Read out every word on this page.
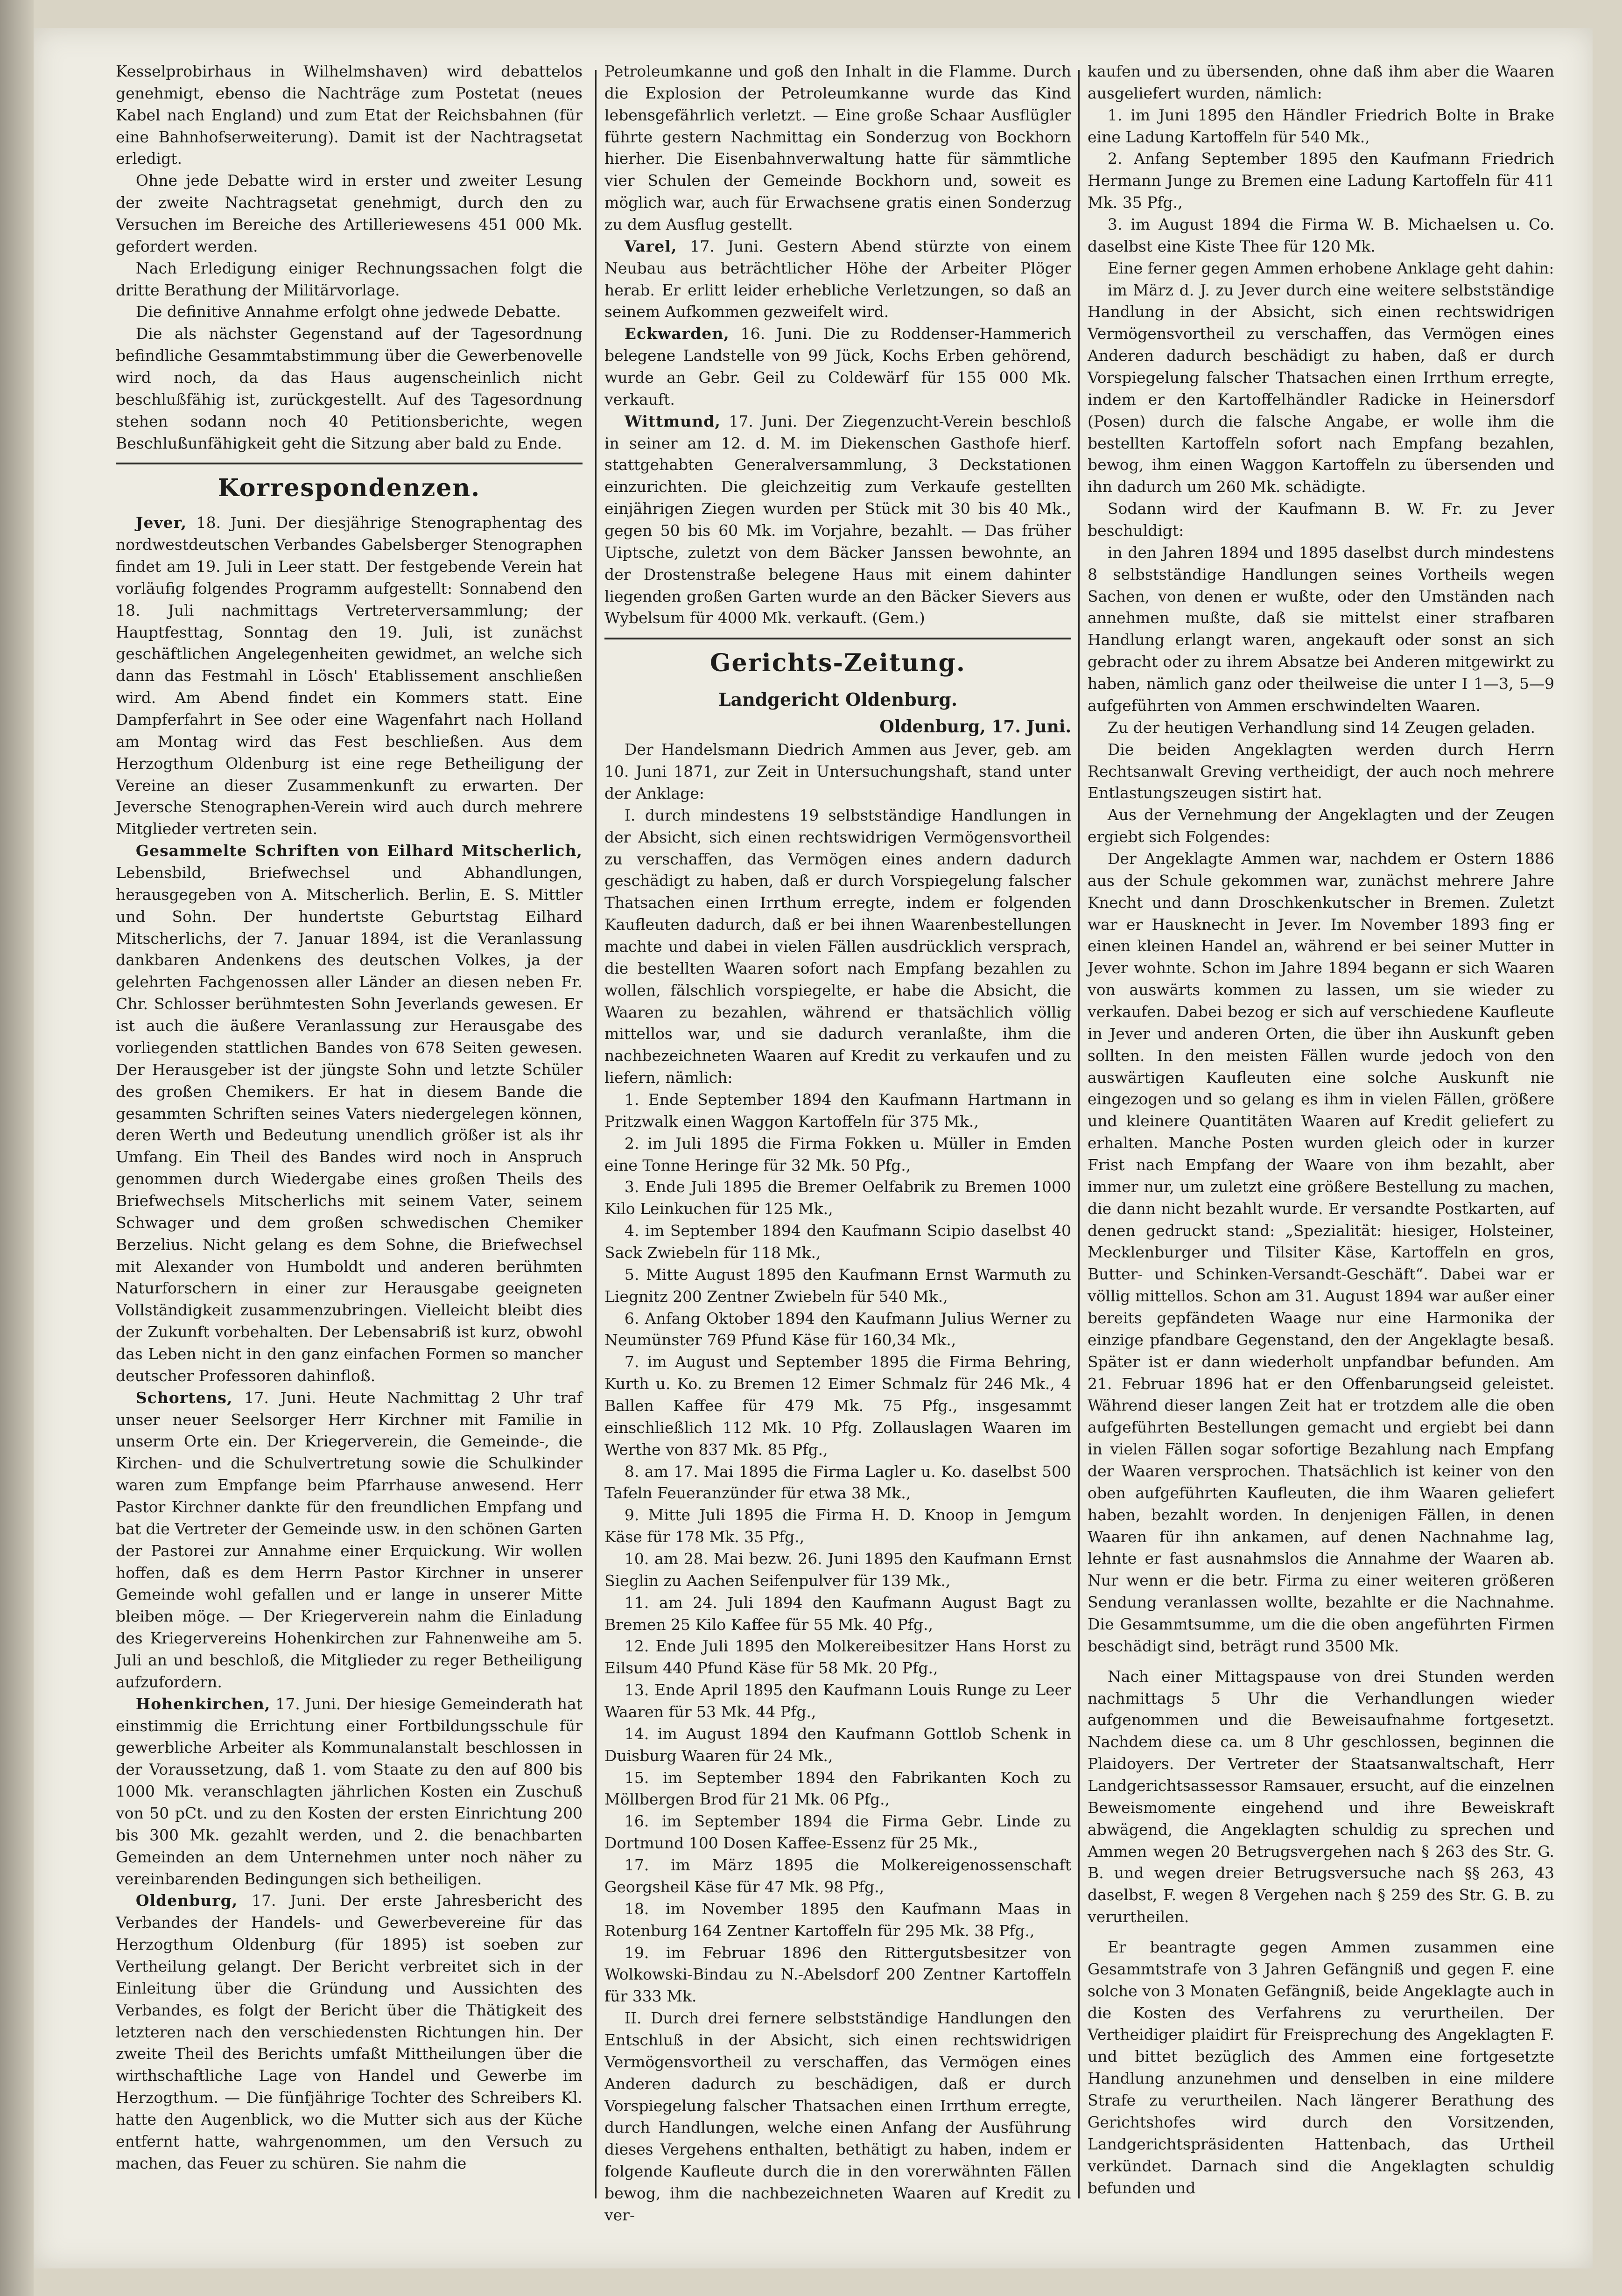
Kesselprobirhaus in Wilhelmshaven) wird debattelos genehmigt, ebenso die Nachträge zum Postetat (neues Kabel nach England) und zum Etat der Reichsbahnen (für eine Bahnhofserweiterung). Damit ist der Nachtragsetat erledigt.

Ohne jede Debatte wird in erster und zweiter Lesung der zweite Nachtragsetat genehmigt, durch den zu Versuchen im Bereiche des Artilleriewesens 451 000 Mk. gefordert werden.

Nach Erledigung einiger Rechnungssachen folgt die dritte Berathung der Militärvorlage.

Die definitive Annahme erfolgt ohne jedwede Debatte.

Die als nächster Gegenstand auf der Tagesordnung befindliche Gesammtabstimmung über die Gewerbenovelle wird noch, da das Haus augenscheinlich nicht beschlußfähig ist, zurückgestellt. Auf des Tagesordnung stehen sodann noch 40 Petitionsberichte, wegen Beschlußunfähigkeit geht die Sitzung aber bald zu Ende.

Korrespondenzen.

Jever, 18. Juni. Der diesjährige Stenographentag des nordwestdeutschen Verbandes Gabelsberger Stenographen findet am 19. Juli in Leer statt. Der festgebende Verein hat vorläufig folgendes Programm aufgestellt: Sonnabend den 18. Juli nachmittags Vertreterversammlung; der Hauptfesttag, Sonntag den 19. Juli, ist zunächst geschäftlichen Angelegenheiten gewidmet, an welche sich dann das Festmahl in Lösch' Etablissement anschließen wird. Am Abend findet ein Kommers statt. Eine Dampferfahrt in See oder eine Wagenfahrt nach Holland am Montag wird das Fest beschließen. Aus dem Herzogthum Oldenburg ist eine rege Betheiligung der Vereine an dieser Zusammenkunft zu erwarten. Der Jeversche Stenographen-Verein wird auch durch mehrere Mitglieder vertreten sein.

Gesammelte Schriften von Eilhard Mitscherlich, Lebensbild, Briefwechsel und Abhandlungen, herausgegeben von A. Mitscherlich. Berlin, E. S. Mittler und Sohn. Der hundertste Geburtstag Eilhard Mitscherlichs, der 7. Januar 1894, ist die Veranlassung dankbaren Andenkens des deutschen Volkes, ja der gelehrten Fachgenossen aller Länder an diesen neben Fr. Chr. Schlosser berühmtesten Sohn Jeverlands gewesen. Er ist auch die äußere Veranlassung zur Herausgabe des vorliegenden stattlichen Bandes von 678 Seiten gewesen. Der Herausgeber ist der jüngste Sohn und letzte Schüler des großen Chemikers. Er hat in diesem Bande die gesammten Schriften seines Vaters niedergelegen können, deren Werth und Bedeutung unendlich größer ist als ihr Umfang. Ein Theil des Bandes wird noch in Anspruch genommen durch Wiedergabe eines großen Theils des Briefwechsels Mitscherlichs mit seinem Vater, seinem Schwager und dem großen schwedischen Chemiker Berzelius. Nicht gelang es dem Sohne, die Briefwechsel mit Alexander von Humboldt und anderen berühmten Naturforschern in einer zur Herausgabe geeigneten Vollständigkeit zusammenzubringen. Vielleicht bleibt dies der Zukunft vorbehalten. Der Lebensabriß ist kurz, obwohl das Leben nicht in den ganz einfachen Formen so mancher deutscher Professoren dahinfloß.

Schortens, 17. Juni. Heute Nachmittag 2 Uhr traf unser neuer Seelsorger Herr Kirchner mit Familie in unserm Orte ein. Der Kriegerverein, die Gemeinde-, die Kirchen- und die Schulvertretung sowie die Schulkinder waren zum Empfange beim Pfarrhause anwesend. Herr Pastor Kirchner dankte für den freundlichen Empfang und bat die Vertreter der Gemeinde usw. in den schönen Garten der Pastorei zur Annahme einer Erquickung. Wir wollen hoffen, daß es dem Herrn Pastor Kirchner in unserer Gemeinde wohl gefallen und er lange in unserer Mitte bleiben möge. — Der Kriegerverein nahm die Einladung des Kriegervereins Hohenkirchen zur Fahnenweihe am 5. Juli an und beschloß, die Mitglieder zu reger Betheiligung aufzufordern.

Hohenkirchen, 17. Juni. Der hiesige Gemeinderath hat einstimmig die Errichtung einer Fortbildungsschule für gewerbliche Arbeiter als Kommunalanstalt beschlossen in der Voraussetzung, daß 1. vom Staate zu den auf 800 bis 1000 Mk. veranschlagten jährlichen Kosten ein Zuschuß von 50 pCt. und zu den Kosten der ersten Einrichtung 200 bis 300 Mk. gezahlt werden, und 2. die benachbarten Gemeinden an dem Unternehmen unter noch näher zu vereinbarenden Bedingungen sich betheiligen.

Oldenburg, 17. Juni. Der erste Jahresbericht des Verbandes der Handels- und Gewerbevereine für das Herzogthum Oldenburg (für 1895) ist soeben zur Vertheilung gelangt. Der Bericht verbreitet sich in der Einleitung über die Gründung und Aussichten des Verbandes, es folgt der Bericht über die Thätigkeit des letzteren nach den verschiedensten Richtungen hin. Der zweite Theil des Berichts umfaßt Mittheilungen über die wirthschaftliche Lage von Handel und Gewerbe im Herzogthum. — Die fünfjährige Tochter des Schreibers Kl. hatte den Augenblick, wo die Mutter sich aus der Küche entfernt hatte, wahrgenommen, um den Versuch zu machen, das Feuer zu schüren. Sie nahm die

Petroleumkanne und goß den Inhalt in die Flamme. Durch die Explosion der Petroleumkanne wurde das Kind lebensgefährlich verletzt. — Eine große Schaar Ausflügler führte gestern Nachmittag ein Sonderzug von Bockhorn hierher. Die Eisenbahnverwaltung hatte für sämmtliche vier Schulen der Gemeinde Bockhorn und, soweit es möglich war, auch für Erwachsene gratis einen Sonderzug zu dem Ausflug gestellt.

Varel, 17. Juni. Gestern Abend stürzte von einem Neubau aus beträchtlicher Höhe der Arbeiter Plöger herab. Er erlitt leider erhebliche Verletzungen, so daß an seinem Aufkommen gezweifelt wird.

Eckwarden, 16. Juni. Die zu Roddenser-Hammerich belegene Landstelle von 99 Jück, Kochs Erben gehörend, wurde an Gebr. Geil zu Coldewärf für 155 000 Mk. verkauft.

Wittmund, 17. Juni. Der Ziegenzucht-Verein beschloß in seiner am 12. d. M. im Diekenschen Gasthofe hierf. stattgehabten Generalversammlung, 3 Deckstationen einzurichten. Die gleichzeitig zum Verkaufe gestellten einjährigen Ziegen wurden per Stück mit 30 bis 40 Mk., gegen 50 bis 60 Mk. im Vorjahre, bezahlt. — Das früher Uiptsche, zuletzt von dem Bäcker Janssen bewohnte, an der Drostenstraße belegene Haus mit einem dahinter liegenden großen Garten wurde an den Bäcker Sievers aus Wybelsum für 4000 Mk. verkauft. (Gem.)

Gerichts-Zeitung.
Landgericht Oldenburg.
Oldenburg, 17. Juni.

Der Handelsmann Diedrich Ammen aus Jever, geb. am 10. Juni 1871, zur Zeit in Untersuchungshaft, stand unter der Anklage:

I. durch mindestens 19 selbstständige Handlungen in der Absicht, sich einen rechtswidrigen Vermögensvortheil zu verschaffen, das Vermögen eines andern dadurch geschädigt zu haben, daß er durch Vorspiegelung falscher Thatsachen einen Irrthum erregte, indem er folgenden Kaufleuten dadurch, daß er bei ihnen Waarenbestellungen machte und dabei in vielen Fällen ausdrücklich versprach, die bestellten Waaren sofort nach Empfang bezahlen zu wollen, fälschlich vorspiegelte, er habe die Absicht, die Waaren zu bezahlen, während er thatsächlich völlig mittellos war, und sie dadurch veranlaßte, ihm die nachbezeichneten Waaren auf Kredit zu verkaufen und zu liefern, nämlich:

1. Ende September 1894 den Kaufmann Hartmann in Pritzwalk einen Waggon Kartoffeln für 375 Mk.,

2. im Juli 1895 die Firma Fokken u. Müller in Emden eine Tonne Heringe für 32 Mk. 50 Pfg.,

3. Ende Juli 1895 die Bremer Oelfabrik zu Bremen 1000 Kilo Leinkuchen für 125 Mk.,

4. im September 1894 den Kaufmann Scipio daselbst 40 Sack Zwiebeln für 118 Mk.,

5. Mitte August 1895 den Kaufmann Ernst Warmuth zu Liegnitz 200 Zentner Zwiebeln für 540 Mk.,

6. Anfang Oktober 1894 den Kaufmann Julius Werner zu Neumünster 769 Pfund Käse für 160,34 Mk.,

7. im August und September 1895 die Firma Behring, Kurth u. Ko. zu Bremen 12 Eimer Schmalz für 246 Mk., 4 Ballen Kaffee für 479 Mk. 75 Pfg., insgesammt einschließlich 112 Mk. 10 Pfg. Zollauslagen Waaren im Werthe von 837 Mk. 85 Pfg.,

8. am 17. Mai 1895 die Firma Lagler u. Ko. daselbst 500 Tafeln Feueranzünder für etwa 38 Mk.,

9. Mitte Juli 1895 die Firma H. D. Knoop in Jemgum Käse für 178 Mk. 35 Pfg.,

10. am 28. Mai bezw. 26. Juni 1895 den Kaufmann Ernst Sieglin zu Aachen Seifenpulver für 139 Mk.,

11. am 24. Juli 1894 den Kaufmann August Bagt zu Bremen 25 Kilo Kaffee für 55 Mk. 40 Pfg.,

12. Ende Juli 1895 den Molkereibesitzer Hans Horst zu Eilsum 440 Pfund Käse für 58 Mk. 20 Pfg.,

13. Ende April 1895 den Kaufmann Louis Runge zu Leer Waaren für 53 Mk. 44 Pfg.,

14. im August 1894 den Kaufmann Gottlob Schenk in Duisburg Waaren für 24 Mk.,

15. im September 1894 den Fabrikanten Koch zu Möllbergen Brod für 21 Mk. 06 Pfg.,

16. im September 1894 die Firma Gebr. Linde zu Dortmund 100 Dosen Kaffee-Essenz für 25 Mk.,

17. im März 1895 die Molkereigenossenschaft Georgsheil Käse für 47 Mk. 98 Pfg.,

18. im November 1895 den Kaufmann Maas in Rotenburg 164 Zentner Kartoffeln für 295 Mk. 38 Pfg.,

19. im Februar 1896 den Rittergutsbesitzer von Wolkowski-Bindau zu N.-Abelsdorf 200 Zentner Kartoffeln für 333 Mk.

II. Durch drei fernere selbstständige Handlungen den Entschluß in der Absicht, sich einen rechtswidrigen Vermögensvortheil zu verschaffen, das Vermögen eines Anderen dadurch zu beschädigen, daß er durch Vorspiegelung falscher Thatsachen einen Irrthum erregte, durch Handlungen, welche einen Anfang der Ausführung dieses Vergehens enthalten, bethätigt zu haben, indem er folgende Kaufleute durch die in den vorerwähnten Fällen bewog, ihm die nachbezeichneten Waaren auf Kredit zu ver-

kaufen und zu übersenden, ohne daß ihm aber die Waaren ausgeliefert wurden, nämlich:

1. im Juni 1895 den Händler Friedrich Bolte in Brake eine Ladung Kartoffeln für 540 Mk.,

2. Anfang September 1895 den Kaufmann Friedrich Hermann Junge zu Bremen eine Ladung Kartoffeln für 411 Mk. 35 Pfg.,

3. im August 1894 die Firma W. B. Michaelsen u. Co. daselbst eine Kiste Thee für 120 Mk.

Eine ferner gegen Ammen erhobene Anklage geht dahin:

im März d. J. zu Jever durch eine weitere selbstständige Handlung in der Absicht, sich einen rechtswidrigen Vermögensvortheil zu verschaffen, das Vermögen eines Anderen dadurch beschädigt zu haben, daß er durch Vorspiegelung falscher Thatsachen einen Irrthum erregte, indem er den Kartoffelhändler Radicke in Heinersdorf (Posen) durch die falsche Angabe, er wolle ihm die bestellten Kartoffeln sofort nach Empfang bezahlen, bewog, ihm einen Waggon Kartoffeln zu übersenden und ihn dadurch um 260 Mk. schädigte.

Sodann wird der Kaufmann B. W. Fr. zu Jever beschuldigt:

in den Jahren 1894 und 1895 daselbst durch mindestens 8 selbstständige Handlungen seines Vortheils wegen Sachen, von denen er wußte, oder den Umständen nach annehmen mußte, daß sie mittelst einer strafbaren Handlung erlangt waren, angekauft oder sonst an sich gebracht oder zu ihrem Absatze bei Anderen mitgewirkt zu haben, nämlich ganz oder theilweise die unter I 1—3, 5—9 aufgeführten von Ammen erschwindelten Waaren.

Zu der heutigen Verhandlung sind 14 Zeugen geladen.

Die beiden Angeklagten werden durch Herrn Rechtsanwalt Greving vertheidigt, der auch noch mehrere Entlastungszeugen sistirt hat.

Aus der Vernehmung der Angeklagten und der Zeugen ergiebt sich Folgendes:

Der Angeklagte Ammen war, nachdem er Ostern 1886 aus der Schule gekommen war, zunächst mehrere Jahre Knecht und dann Droschkenkutscher in Bremen. Zuletzt war er Hausknecht in Jever. Im November 1893 fing er einen kleinen Handel an, während er bei seiner Mutter in Jever wohnte. Schon im Jahre 1894 begann er sich Waaren von auswärts kommen zu lassen, um sie wieder zu verkaufen. Dabei bezog er sich auf verschiedene Kaufleute in Jever und anderen Orten, die über ihn Auskunft geben sollten. In den meisten Fällen wurde jedoch von den auswärtigen Kaufleuten eine solche Auskunft nie eingezogen und so gelang es ihm in vielen Fällen, größere und kleinere Quantitäten Waaren auf Kredit geliefert zu erhalten. Manche Posten wurden gleich oder in kurzer Frist nach Empfang der Waare von ihm bezahlt, aber immer nur, um zuletzt eine größere Bestellung zu machen, die dann nicht bezahlt wurde. Er versandte Postkarten, auf denen gedruckt stand: „Spezialität: hiesiger, Holsteiner, Mecklenburger und Tilsiter Käse, Kartoffeln en gros, Butter- und Schinken-Versandt-Geschäft“. Dabei war er völlig mittellos. Schon am 31. August 1894 war außer einer bereits gepfändeten Waage nur eine Harmonika der einzige pfandbare Gegenstand, den der Angeklagte besaß. Später ist er dann wiederholt unpfandbar befunden. Am 21. Februar 1896 hat er den Offenbarungseid geleistet. Während dieser langen Zeit hat er trotzdem alle die oben aufgeführten Bestellungen gemacht und ergiebt bei dann in vielen Fällen sogar sofortige Bezahlung nach Empfang der Waaren versprochen. Thatsächlich ist keiner von den oben aufgeführten Kaufleuten, die ihm Waaren geliefert haben, bezahlt worden. In denjenigen Fällen, in denen Waaren für ihn ankamen, auf denen Nachnahme lag, lehnte er fast ausnahmslos die Annahme der Waaren ab. Nur wenn er die betr. Firma zu einer weiteren größeren Sendung veranlassen wollte, bezahlte er die Nachnahme. Die Gesammtsumme, um die die oben angeführten Firmen beschädigt sind, beträgt rund 3500 Mk.

Nach einer Mittagspause von drei Stunden werden nachmittags 5 Uhr die Verhandlungen wieder aufgenommen und die Beweisaufnahme fortgesetzt. Nachdem diese ca. um 8 Uhr geschlossen, beginnen die Plaidoyers. Der Vertreter der Staatsanwaltschaft, Herr Landgerichtsassessor Ramsauer, ersucht, auf die einzelnen Beweismomente eingehend und ihre Beweiskraft abwägend, die Angeklagten schuldig zu sprechen und Ammen wegen 20 Betrugsvergehen nach § 263 des Str. G. B. und wegen dreier Betrugsversuche nach §§ 263, 43 daselbst, F. wegen 8 Vergehen nach § 259 des Str. G. B. zu verurtheilen.

Er beantragte gegen Ammen zusammen eine Gesammtstrafe von 3 Jahren Gefängniß und gegen F. eine solche von 3 Monaten Gefängniß, beide Angeklagte auch in die Kosten des Verfahrens zu verurtheilen. Der Vertheidiger plaidirt für Freisprechung des Angeklagten F. und bittet bezüglich des Ammen eine fortgesetzte Handlung anzunehmen und denselben in eine mildere Strafe zu verurtheilen. Nach längerer Berathung des Gerichtshofes wird durch den Vorsitzenden, Landgerichtspräsidenten Hattenbach, das Urtheil verkündet. Darnach sind die Angeklagten schuldig befunden und
